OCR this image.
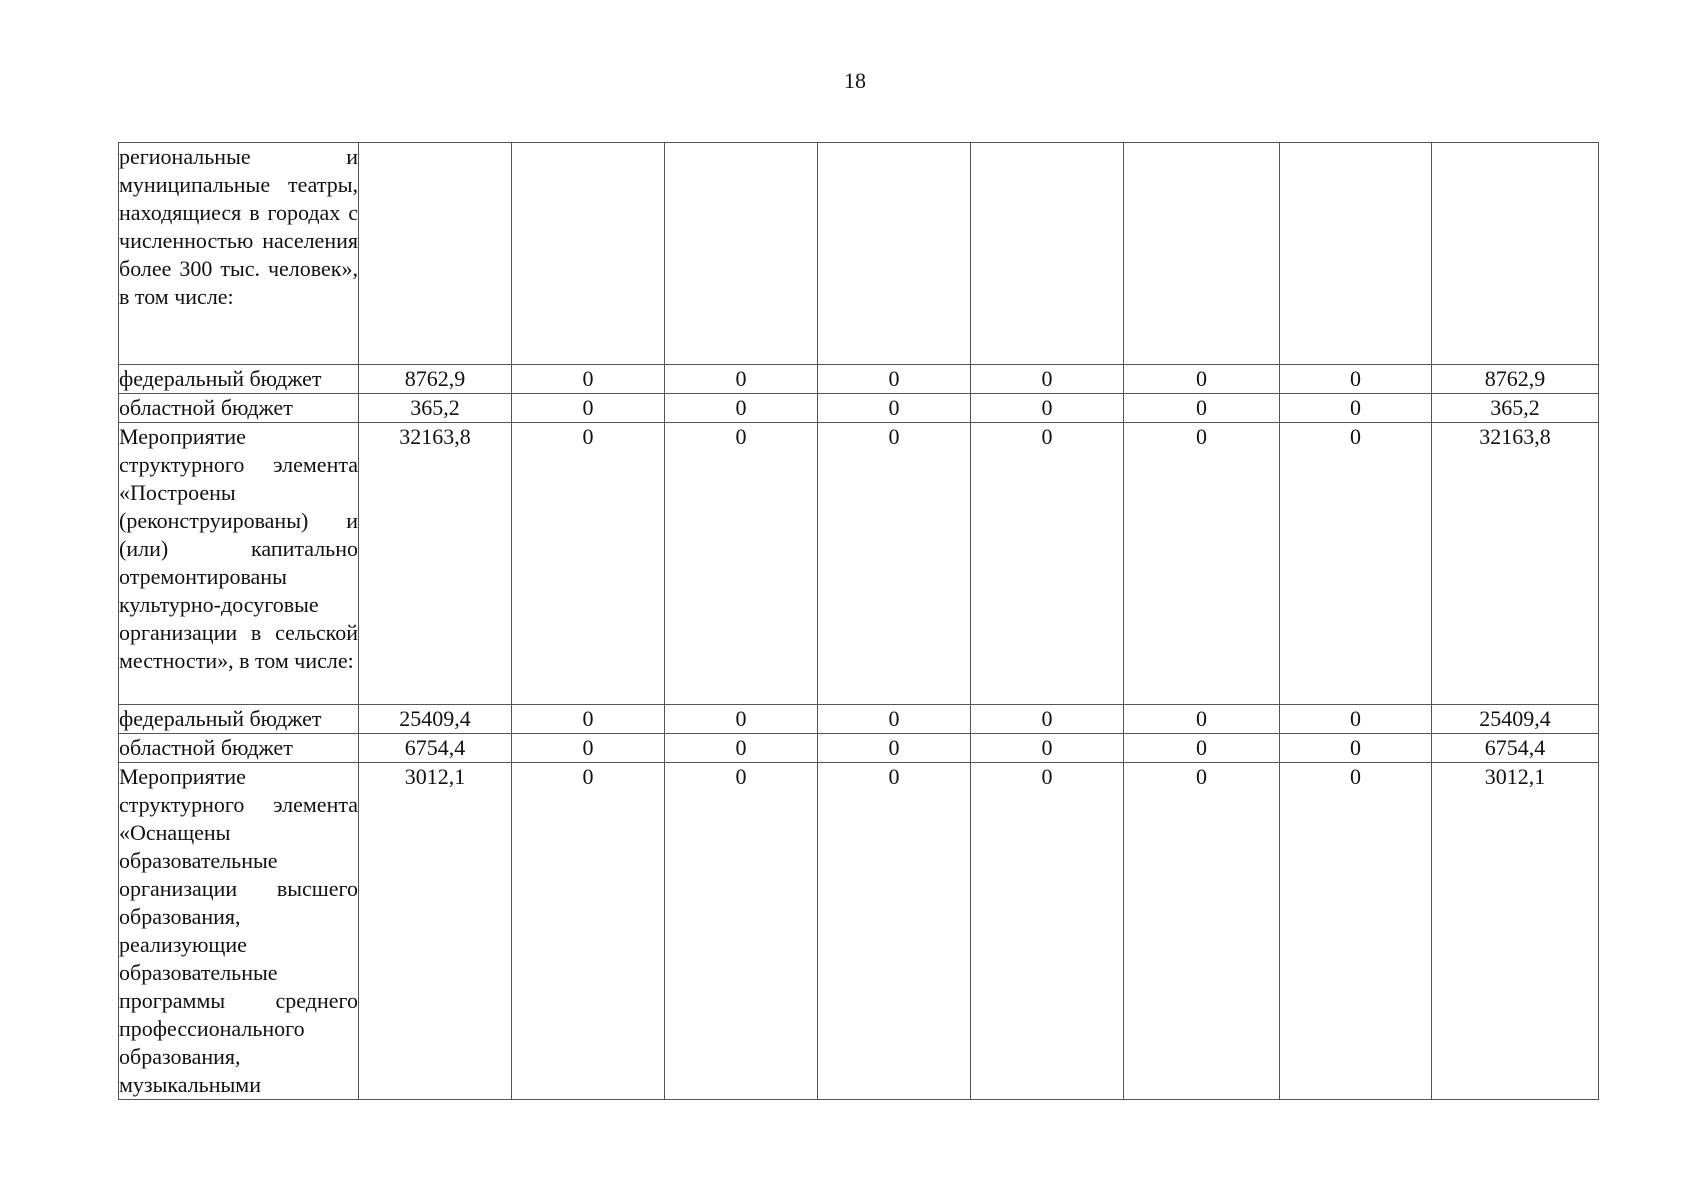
18
региональные и муниципальные театры, находящиеся в городах с численностью населения более 300 тыс. человек», в том числе:								
федеральный бюджет	8762,9	0	0	0	0	0	0	8762,9
областной бюджет	365,2	0	0	0	0	0	0	365,2
Мероприятие структурного элемента «Построены (реконструированы) и (или) капитально отремонтированы культурно-досуговые организации в сельской местности», в том числе:	32163,8	0	0	0	0	0	0	32163,8
федеральный бюджет	25409,4	0	0	0	0	0	0	25409,4
областной бюджет	6754,4	0	0	0	0	0	0	6754,4
Мероприятие структурного элемента «Оснащены образовательные организации высшего образования, реализующие образовательные программы среднего профессионального образования, музыкальными	3012,1	0	0	0	0	0	0	3012,1
